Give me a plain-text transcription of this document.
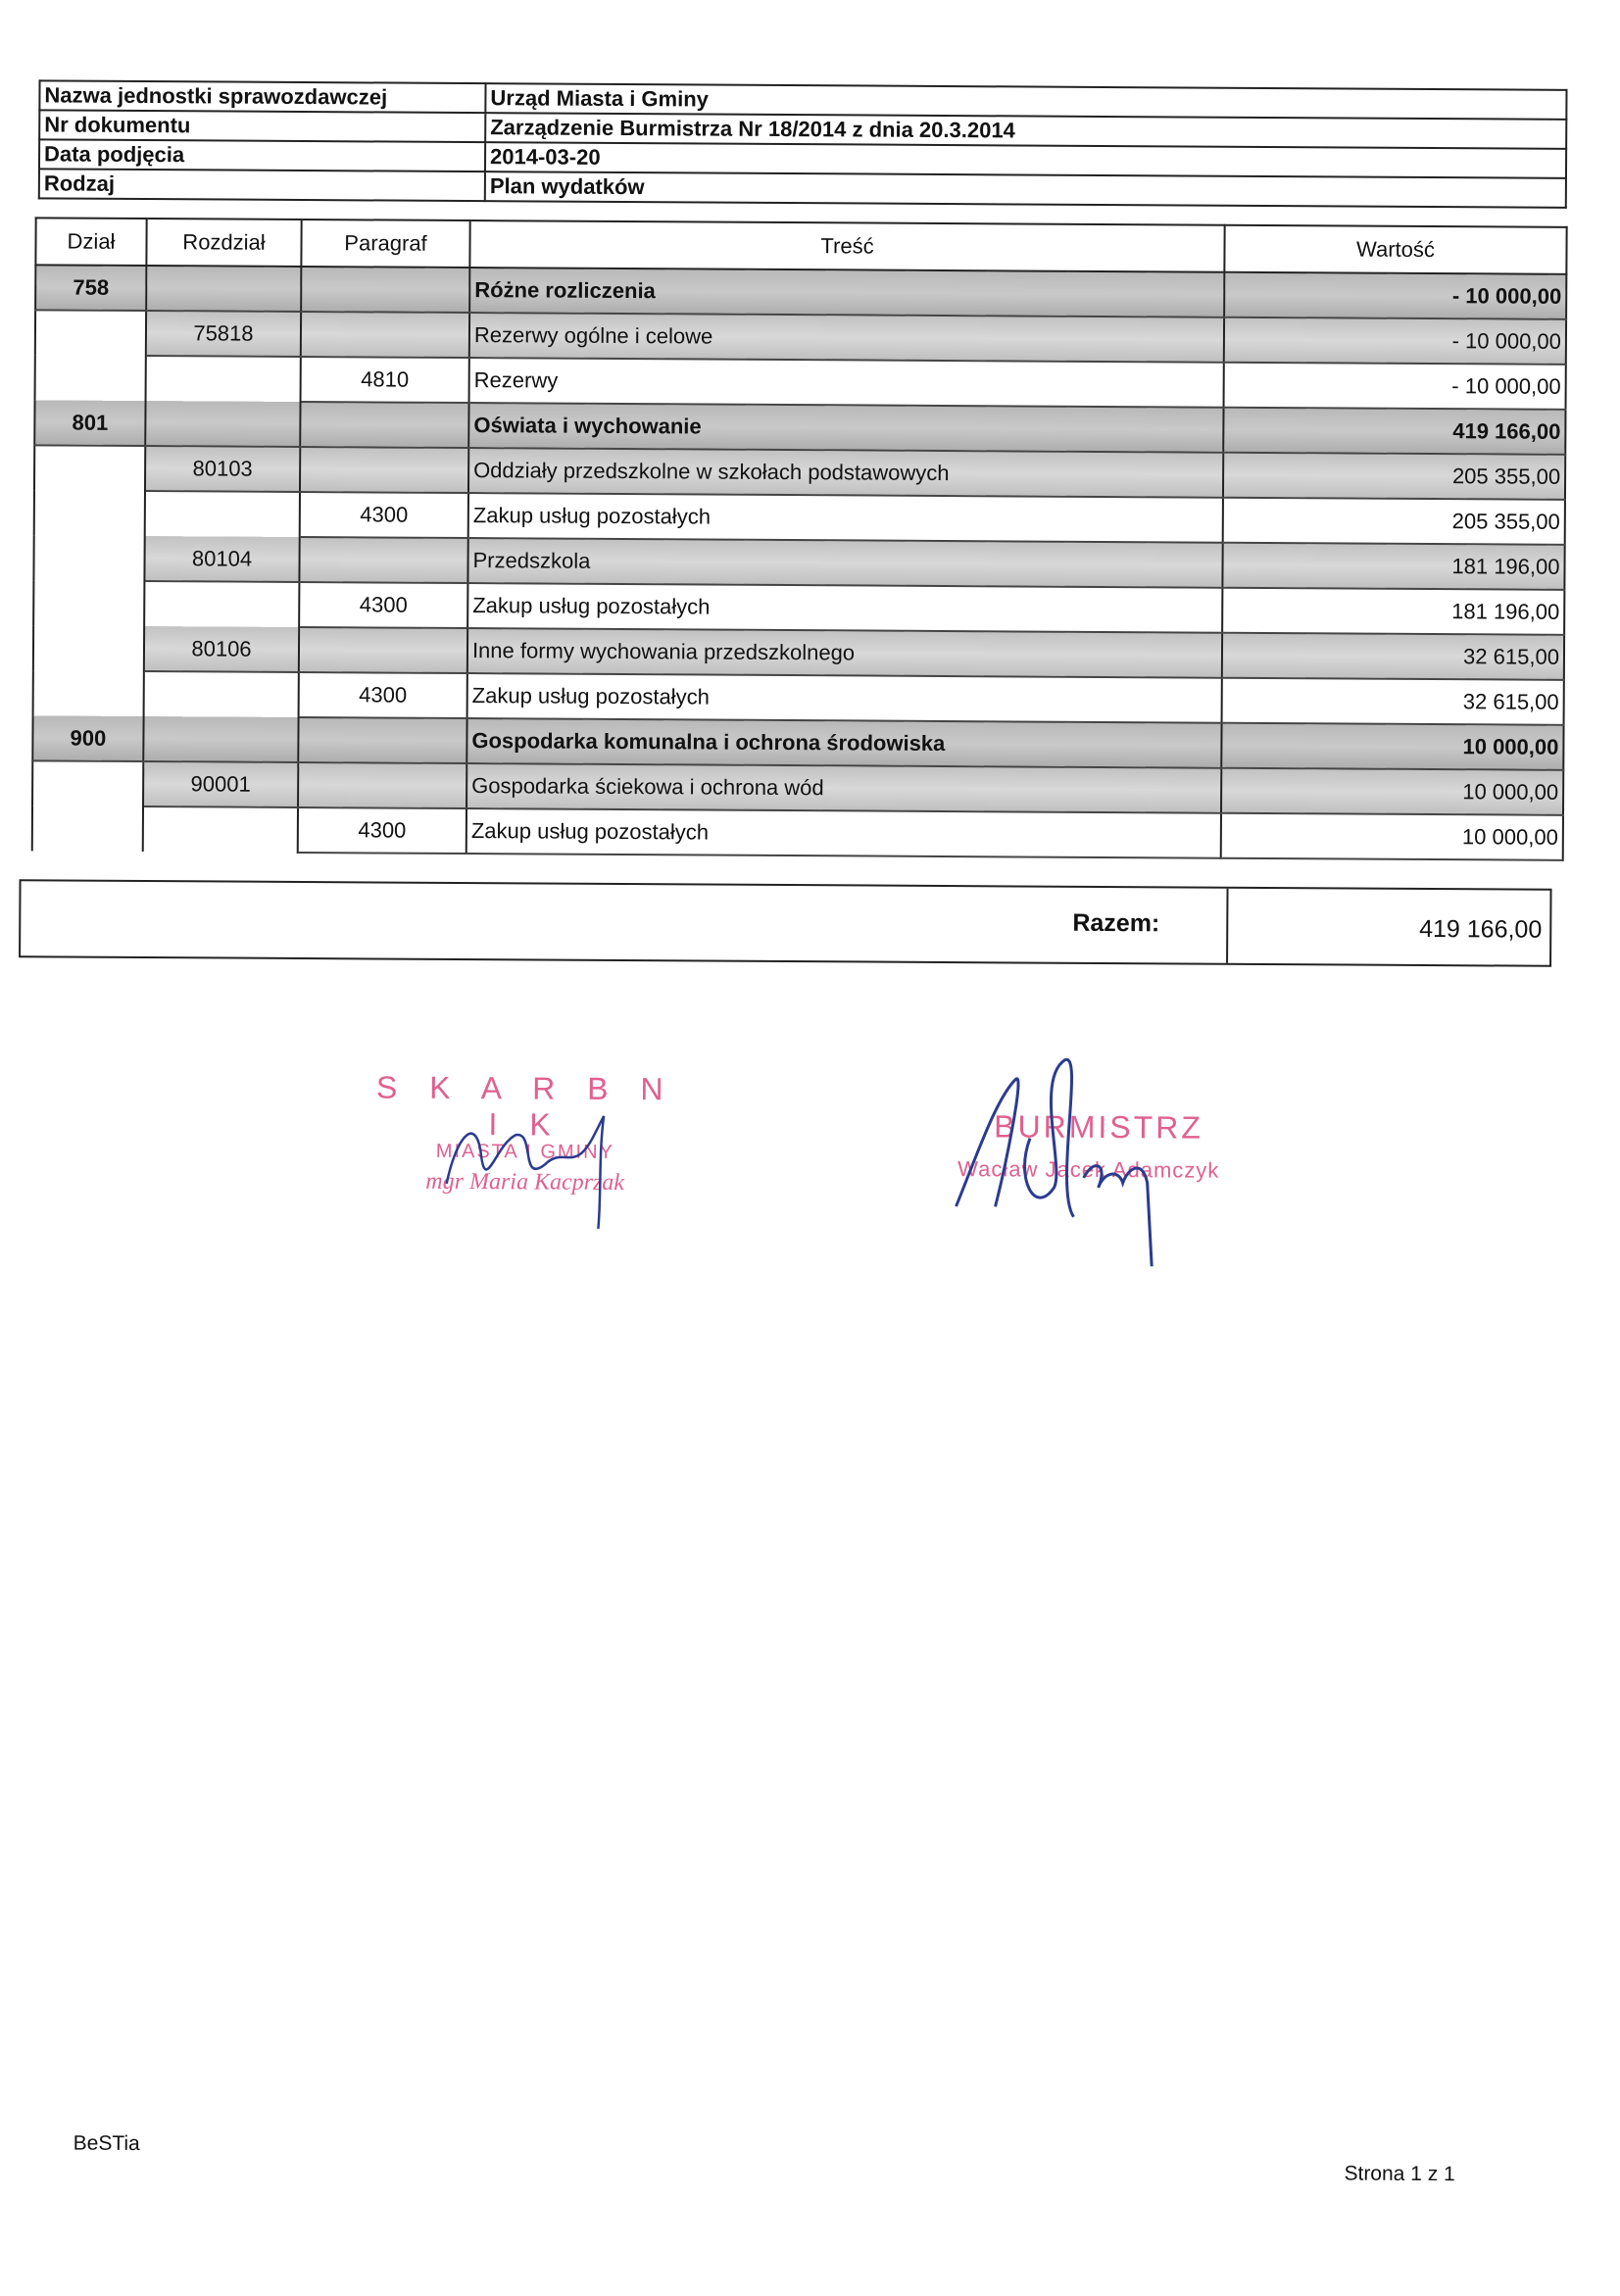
Nazwa jednostki sprawozdawczej	Urząd Miasta i Gminy
Nr dokumentu	Zarządzenie Burmistrza Nr 18/2014 z dnia 20.3.2014
Data podjęcia	2014-03-20
Rodzaj	Plan wydatków
Dział	Rozdział	Paragraf	Treść	Wartość
758			Różne rozliczenia	- 10 000,00
	75818		Rezerwy ogólne i celowe	- 10 000,00
		4810	Rezerwy	- 10 000,00
801			Oświata i wychowanie	419 166,00
	80103		Oddziały przedszkolne w szkołach podstawowych	205 355,00
		4300	Zakup usług pozostałych	205 355,00
	80104		Przedszkola	181 196,00
		4300	Zakup usług pozostałych	181 196,00
	80106		Inne formy wychowania przedszkolnego	32 615,00
		4300	Zakup usług pozostałych	32 615,00
900			Gospodarka komunalna i ochrona środowiska	10 000,00
	90001		Gospodarka ściekowa i ochrona wód	10 000,00
		4300	Zakup usług pozostałych	10 000,00
Razem:	419 166,00
S K A R B N I K
MIASTA I GMINY
mgr Maria Kacprzak
BURMISTRZ
Wacław Jacek Adamczyk
BeSTia
Strona 1 z 1
